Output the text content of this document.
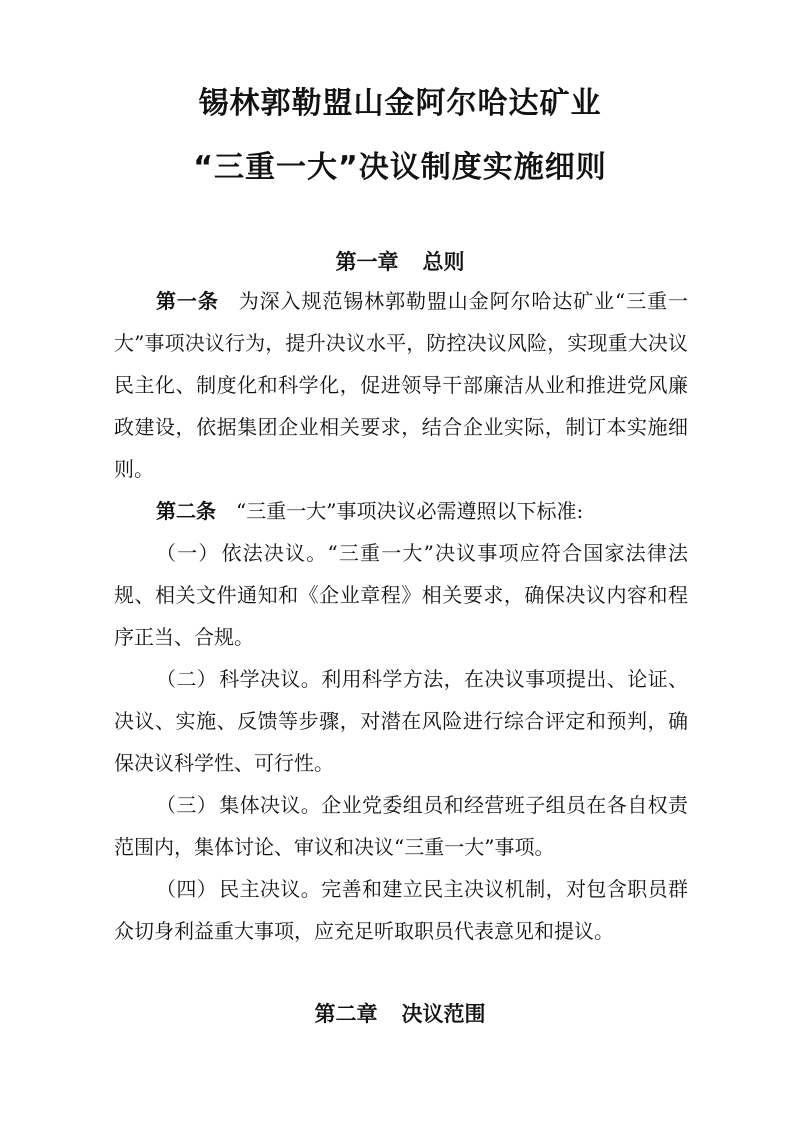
锡林郭勒盟山金阿尔哈达矿业
“三重一大”决议制度实施细则
第一章 总则

第一条 为深入规范锡林郭勒盟山金阿尔哈达矿业“三重一大”事项决议行为，提升决议水平，防控决议风险，实现重大决议民主化、制度化和科学化，促进领导干部廉洁从业和推进党风廉政建设，依据集团企业相关要求，结合企业实际，制订本实施细则。

第二条 “三重一大”事项决议必需遵照以下标准:

（一） 依法决议。“三重一大”决议事项应符合国家法律法规、相关文件通知和《企业章程》相关要求，确保决议内容和程序正当、合规。

（二） 科学决议。利用科学方法，在决议事项提出、论证、决议、实施、反馈等步骤，对潜在风险进行综合评定和预判，确保决议科学性、可行性。

（三） 集体决议。企业党委组员和经营班子组员在各自权责范围内，集体讨论、审议和决议“三重一大”事项。

（四） 民主决议。完善和建立民主决议机制，对包含职员群众切身利益重大事项，应充足听取职员代表意见和提议。

第二章 决议范围
